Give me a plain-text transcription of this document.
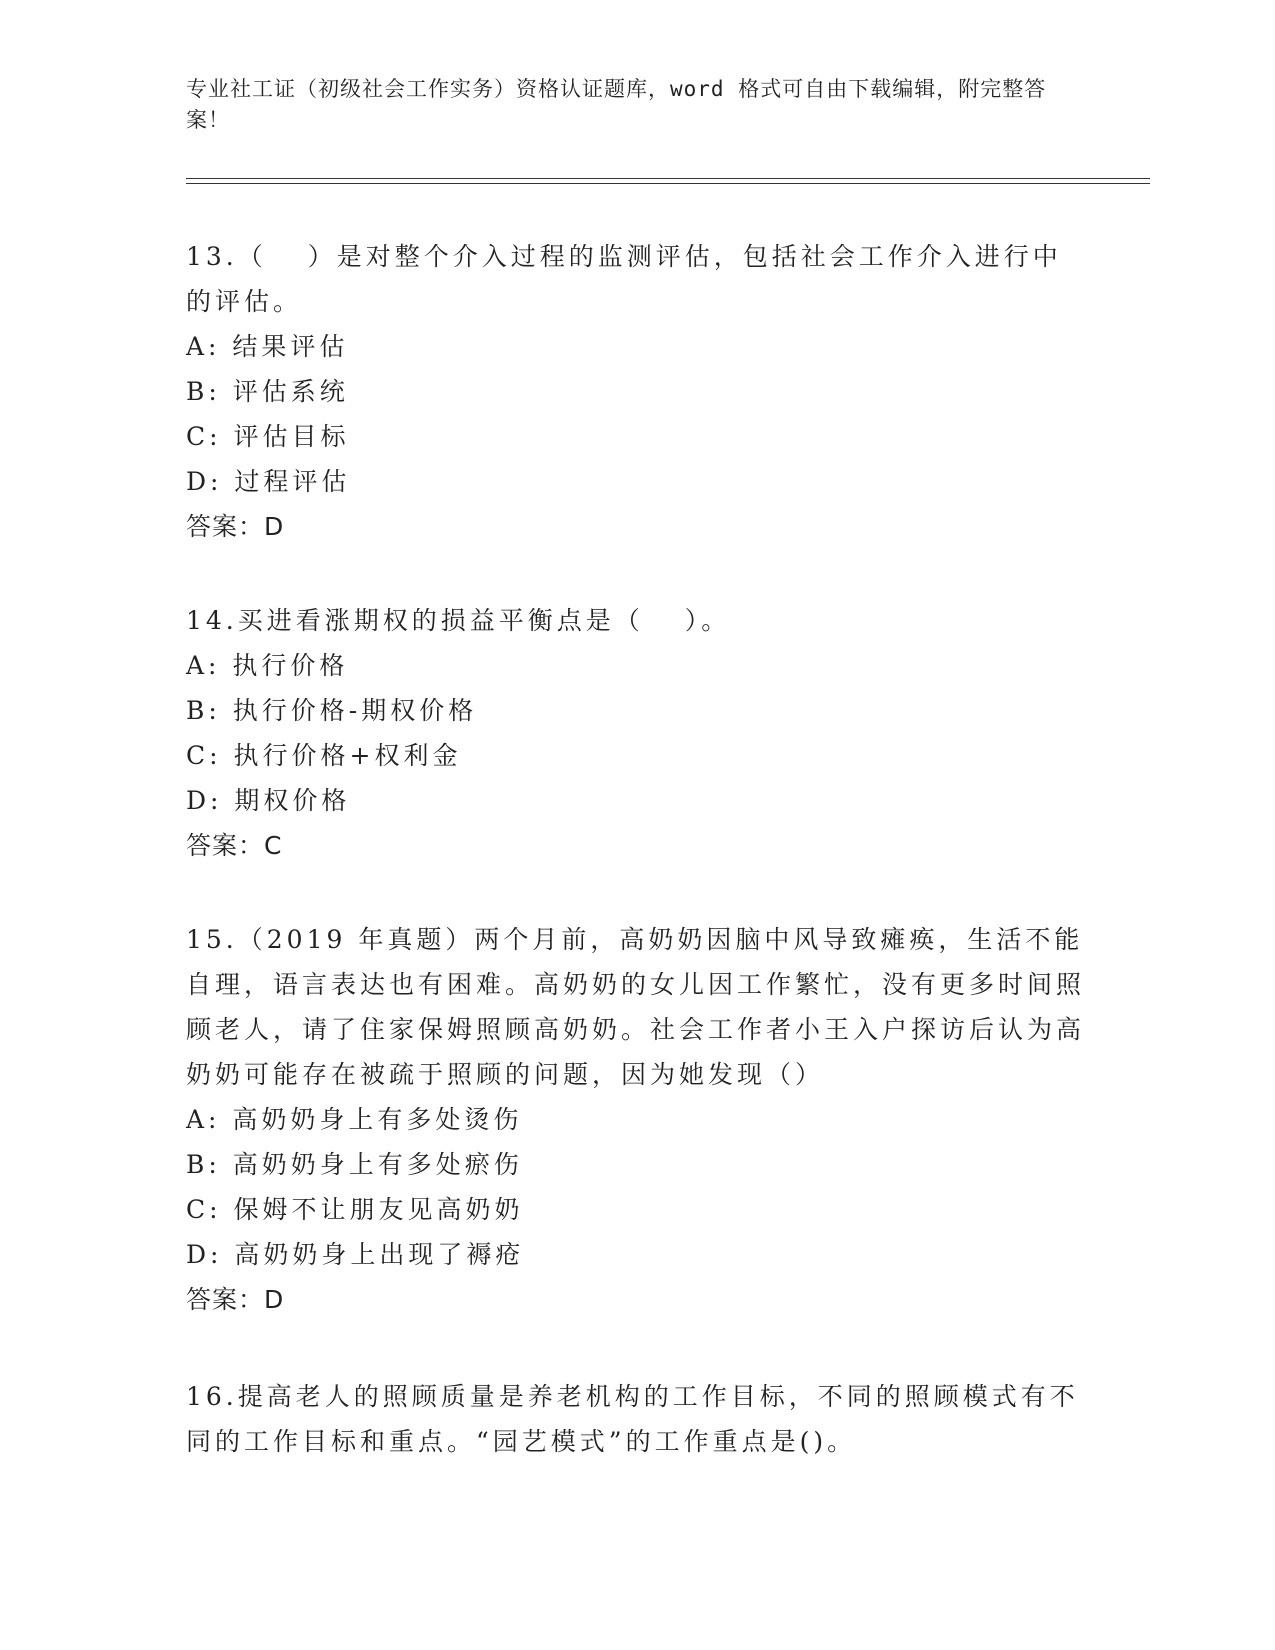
专业社工证（初级社会工作实务）资格认证题库，word 格式可自由下载编辑，附完整答案！

13.（　 ）是对整个介入过程的监测评估，包括社会工作介入进行中的评估。

A: 结果评估

B: 评估系统

C: 评估目标

D: 过程评估

答案：D

14.买进看涨期权的损益平衡点是（　 ）。

A: 执行价格

B: 执行价格-期权价格

C: 执行价格+权利金

D: 期权价格

答案：C

15.（2019 年真题）两个月前，高奶奶因脑中风导致瘫痪，生活不能自理，语言表达也有困难。高奶奶的女儿因工作繁忙，没有更多时间照顾老人，请了住家保姆照顾高奶奶。社会工作者小王入户探访后认为高奶奶可能存在被疏于照顾的问题，因为她发现（）

A: 高奶奶身上有多处烫伤

B: 高奶奶身上有多处瘀伤

C: 保姆不让朋友见高奶奶

D: 高奶奶身上出现了褥疮

答案：D

16.提高老人的照顾质量是养老机构的工作目标，不同的照顾模式有不同的工作目标和重点。“园艺模式”的工作重点是()。
